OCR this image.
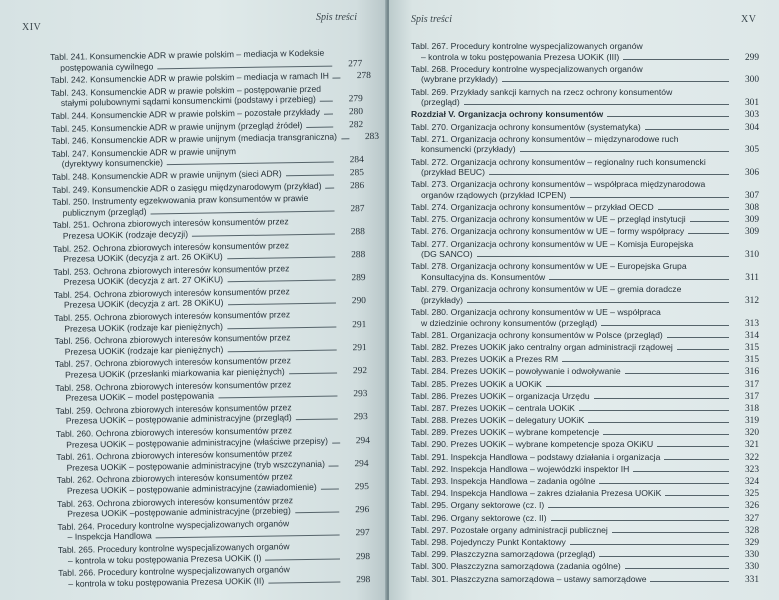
XIV
Spis treści
Tabl. 241. Konsumenckie ADR w prawie polskim – mediacja w Kodeksie
postępowania cywilnego	277
Tabl. 242. Konsumenckie ADR w prawie polskim – mediacja w ramach IH	278
Tabl. 243. Konsumenckie ADR w prawie polskim – postępowanie przed
stałymi polubownymi sądami konsumenckimi (podstawy i przebieg)	279
Tabl. 244. Konsumenckie ADR w prawie polskim – pozostałe przykłady	280
Tabl. 245. Konsumenckie ADR w prawie unijnym (przegląd źródeł)	282
Tabl. 246. Konsumenckie ADR w prawie unijnym (mediacja transgraniczna)	283
Tabl. 247. Konsumenckie ADR w prawie unijnym
(dyrektywy konsumenckie)	284
Tabl. 248. Konsumenckie ADR w prawie unijnym (sieci ADR)	285
Tabl. 249. Konsumenckie ADR o zasięgu międzynarodowym (przykład)	286
Tabl. 250. Instrumenty egzekwowania praw konsumentów w prawie
publicznym (przegląd)	287
Tabl. 251. Ochrona zbiorowych interesów konsumentów przez
Prezesa UOKiK (rodzaje decyzji)	288
Tabl. 252. Ochrona zbiorowych interesów konsumentów przez
Prezesa UOKiK (decyzja z art. 26 OKiKU)	288
Tabl. 253. Ochrona zbiorowych interesów konsumentów przez
Prezesa UOKiK (decyzja z art. 27 OKiKU)	289
Tabl. 254. Ochrona zbiorowych interesów konsumentów przez
Prezesa UOKiK (decyzja z art. 28 OKiKU)	290
Tabl. 255. Ochrona zbiorowych interesów konsumentów przez
Prezesa UOKiK (rodzaje kar pieniężnych)	291
Tabl. 256. Ochrona zbiorowych interesów konsumentów przez
Prezesa UOKiK (rodzaje kar pieniężnych)	291
Tabl. 257. Ochrona zbiorowych interesów konsumentów przez
Prezesa UOKiK (przesłanki miarkowania kar pieniężnych)	292
Tabl. 258. Ochrona zbiorowych interesów konsumentów przez
Prezesa UOKiK – model postępowania	293
Tabl. 259. Ochrona zbiorowych interesów konsumentów przez
Prezesa UOKiK – postępowanie administracyjne (przegląd)	293
Tabl. 260. Ochrona zbiorowych interesów konsumentów przez
Prezesa UOKiK – postępowanie administracyjne (właściwe przepisy)	294
Tabl. 261. Ochrona zbiorowych interesów konsumentów przez
Prezesa UOKiK – postępowanie administracyjne (tryb wszczynania)	294
Tabl. 262. Ochrona zbiorowych interesów konsumentów przez
Prezesa UOKiK – postępowanie administracyjne (zawiadomienie)	295
Tabl. 263. Ochrona zbiorowych interesów konsumentów przez
Prezesa UOKiK –postępowanie administracyjne (przebieg)	296
Tabl. 264. Procedury kontrolne wyspecjalizowanych organów
– Inspekcja Handlowa	297
Tabl. 265. Procedury kontrolne wyspecjalizowanych organów
– kontrola w toku postępowania Prezesa UOKiK (I)	298
Tabl. 266. Procedury kontrolne wyspecjalizowanych organów
– kontrola w toku postępowania Prezesa UOKiK (II)	298
Spis treści	XV
Tabl. 267. Procedury kontrolne wyspecjalizowanych organów
– kontrola w toku postępowania Prezesa UOKiK (III)	299
Tabl. 268. Procedury kontrolne wyspecjalizowanych organów
(wybrane przykłady)	300
Tabl. 269. Przykłady sankcji karnych na rzecz ochrony konsumentów
(przegląd)	301
Rozdział V. Organizacja ochrony konsumentów	303
Tabl. 270. Organizacja ochrony konsumentów (systematyka)	304
Tabl. 271. Organizacja ochrony konsumentów – międzynarodowe ruch
konsumencki (przykłady)	305
Tabl. 272. Organizacja ochrony konsumentów – regionalny ruch konsumencki
(przykład BEUC)	306
Tabl. 273. Organizacja ochrony konsumentów – współpraca międzynarodowa
organów rządowych (przykład ICPEN)	307
Tabl. 274. Organizacja ochrony konsumentów – przykład OECD	308
Tabl. 275. Organizacja ochrony konsumentów w UE – przegląd instytucji	309
Tabl. 276. Organizacja ochrony konsumentów w UE – formy współpracy	309
Tabl. 277. Organizacja ochrony konsumentów w UE – Komisja Europejska
(DG SANCO)	310
Tabl. 278. Organizacja ochrony konsumentów w UE – Europejska Grupa
Konsultacyjna ds. Konsumentów	311
Tabl. 279. Organizacja ochrony konsumentów w UE – gremia doradcze
(przykłady)	312
Tabl. 280. Organizacja ochrony konsumentów w UE – współpraca
w dziedzinie ochrony konsumentów (przegląd)	313
Tabl. 281. Organizacja ochrony konsumentów w Polsce (przegląd)	314
Tabl. 282. Prezes UOKiK jako centralny organ administracji rządowej	315
Tabl. 283. Prezes UOKiK a Prezes RM	315
Tabl. 284. Prezes UOKiK – powoływanie i odwoływanie	316
Tabl. 285. Prezes UOKiK a UOKiK	317
Tabl. 286. Prezes UOKiK – organizacja Urzędu	317
Tabl. 287. Prezes UOKiK – centrala UOKiK	318
Tabl. 288. Prezes UOKiK – delegatury UOKiK	319
Tabl. 289. Prezes UOKiK – wybrane kompetencje	320
Tabl. 290. Prezes UOKiK – wybrane kompetencje spoza OKiKU	321
Tabl. 291. Inspekcja Handlowa – podstawy działania i organizacja	322
Tabl. 292. Inspekcja Handlowa – wojewódzki inspektor IH	323
Tabl. 293. Inspekcja Handlowa – zadania ogólne	324
Tabl. 294. Inspekcja Handlowa – zakres działania Prezesa UOKiK	325
Tabl. 295. Organy sektorowe (cz. I)	326
Tabl. 296. Organy sektorowe (cz. II)	327
Tabl. 297. Pozostałe organy administracji publicznej	328
Tabl. 298. Pojedynczy Punkt Kontaktowy	329
Tabl. 299. Płaszczyzna samorządowa (przegląd)	330
Tabl. 300. Płaszczyzna samorządowa (zadania ogólne)	330
Tabl. 301. Płaszczyzna samorządowa – ustawy samorządowe	331
